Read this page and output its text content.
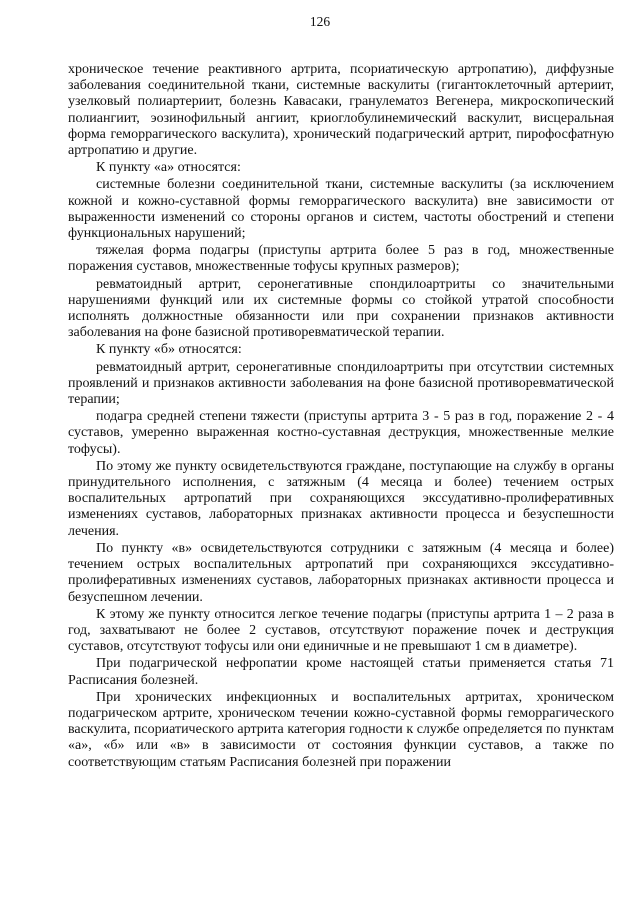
126

хроническое течение реактивного артрита, псориатическую артропатию), диффузные заболевания соединительной ткани, системные васкулиты (гигантоклеточный артериит, узелковый полиартериит, болезнь Кавасаки, гранулематоз Вегенера, микроскопический полиангиит, эозинофильный ангиит, криоглобулинемический васкулит, висцеральная форма геморрагического васкулита), хронический подагрический артрит, пирофосфатную артропатию и другие.

К пункту «а» относятся:

системные болезни соединительной ткани, системные васкулиты (за исключением кожной и кожно-суставной формы геморрагического васкулита) вне зависимости от выраженности изменений со стороны органов и систем, частоты обострений и степени функциональных нарушений;

тяжелая форма подагры (приступы артрита более 5 раз в год, множественные поражения суставов, множественные тофусы крупных размеров);

ревматоидный артрит, серонегативные спондилоартриты со значительными нарушениями функций или их системные формы со стойкой утратой способности исполнять должностные обязанности или при сохранении признаков активности заболевания на фоне базисной противоревматической терапии.

К пункту «б» относятся:

ревматоидный артрит, серонегативные спондилоартриты при отсутствии системных проявлений и признаков активности заболевания на фоне базисной противоревматической терапии;

подагра средней степени тяжести (приступы артрита 3 - 5 раз в год, поражение 2 - 4 суставов, умеренно выраженная костно-суставная деструкция, множественные мелкие тофусы).

По этому же пункту освидетельствуются граждане, поступающие на службу в органы принудительного исполнения, с затяжным (4 месяца и более) течением острых воспалительных артропатий при сохраняющихся экссудативно-пролиферативных изменениях суставов, лабораторных признаках активности процесса и безуспешности лечения.

По пункту «в» освидетельствуются сотрудники с затяжным (4 месяца и более) течением острых воспалительных артропатий при сохраняющихся экссудативно-пролиферативных изменениях суставов, лабораторных признаках активности процесса и безуспешном лечении.

К этому же пункту относится легкое течение подагры (приступы артрита 1 – 2 раза в год, захватывают не более 2 суставов, отсутствуют поражение почек и деструкция суставов, отсутствуют тофусы или они единичные и не превышают 1 см в диаметре).

При подагрической нефропатии кроме настоящей статьи применяется статья 71 Расписания болезней.

При хронических инфекционных и воспалительных артритах, хроническом подагрическом артрите, хроническом течении кожно-суставной формы геморрагического васкулита, псориатического артрита категория годности к службе определяется по пунктам «а», «б» или «в» в зависимости от состояния функции суставов, а также по соответствующим статьям Расписания болезней при поражении
